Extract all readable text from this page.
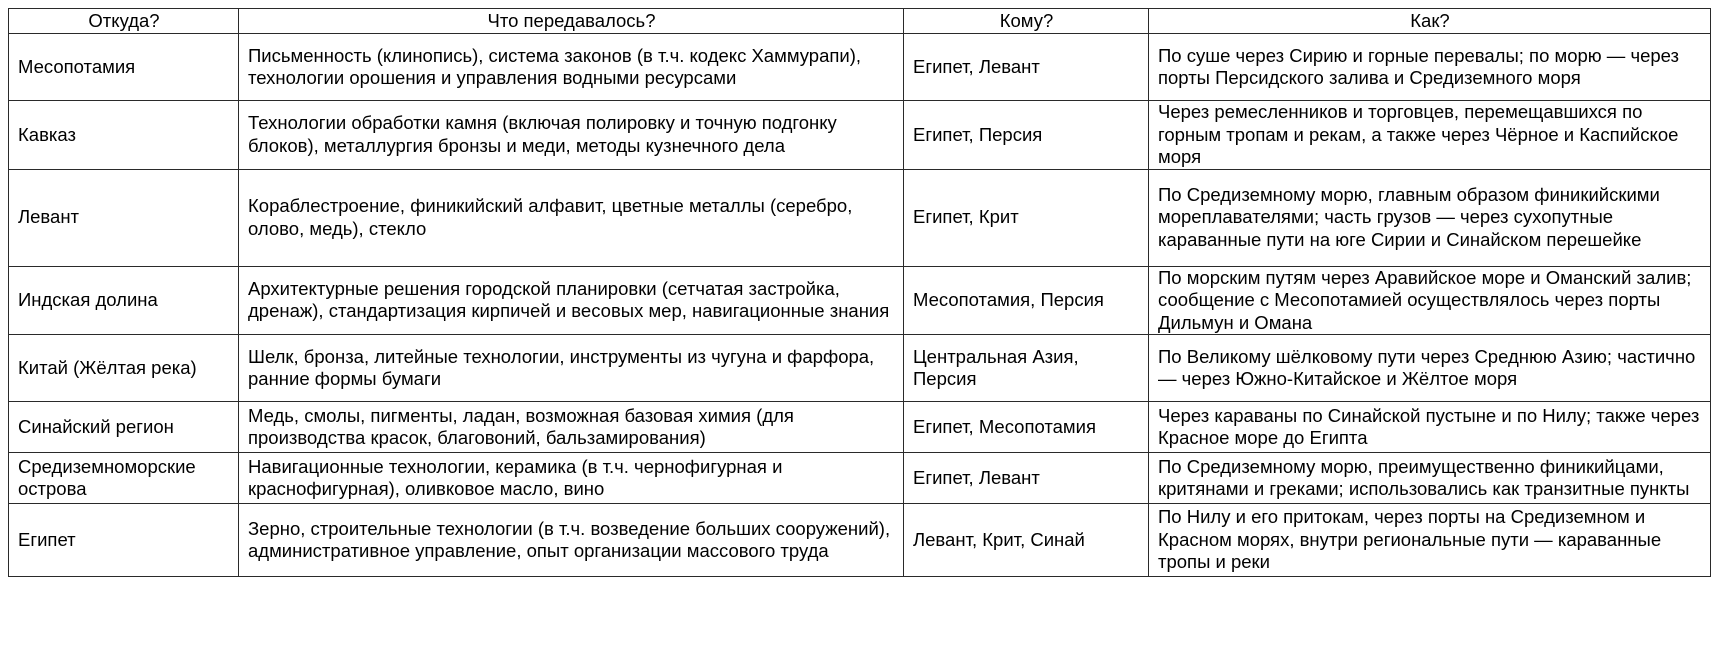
Откуда?	Что передавалось?	Кому?	Как?
Месопотамия	Письменность (клинопись), система законов (в т.ч. кодекс Хаммурапи), технологии орошения и управления водными ресурсами	Египет, Левант	По суше через Сирию и горные перевалы; по морю — через порты Персидского залива и Средиземного моря
Кавказ	Технологии обработки камня (включая полировку и точную подгонку блоков), металлургия бронзы и меди, методы кузнечного дела	Египет, Персия	Через ремесленников и торговцев, перемещавшихся по горным тропам и рекам, а также через Чёрное и Каспийское моря
Левант	Кораблестроение, финикийский алфавит, цветные металлы (серебро, олово, медь), стекло	Египет, Крит	По Средиземному морю, главным образом финикийскими мореплавателями; часть грузов — через сухопутные караванные пути на юге Сирии и Синайском перешейке
Индская долина	Архитектурные решения городской планировки (сетчатая застройка, дренаж), стандартизация кирпичей и весовых мер, навигационные знания	Месопотамия, Персия	По морским путям через Аравийское море и Оманский залив; сообщение с Месопотамией осуществлялось через порты Дильмун и Омана
Китай (Жёлтая река)	Шелк, бронза, литейные технологии, инструменты из чугуна и фарфора, ранние формы бумаги	Центральная Азия, Персия	По Великому шёлковому пути через Среднюю Азию; частично — через Южно-Китайское и Жёлтое моря
Синайский регион	Медь, смолы, пигменты, ладан, возможная базовая химия (для производства красок, благовоний, бальзамирования)	Египет, Месопотамия	Через караваны по Синайской пустыне и по Нилу; также через Красное море до Египта
Средиземноморские острова	Навигационные технологии, керамика (в т.ч. чернофигурная и краснофигурная), оливковое масло, вино	Египет, Левант	По Средиземному морю, преимущественно финикийцами, критянами и греками; использовались как транзитные пункты
Египет	Зерно, строительные технологии (в т.ч. возведение больших сооружений), административное управление, опыт организации массового труда	Левант, Крит, Синай	По Нилу и его притокам, через порты на Средиземном и Красном морях, внутри региональные пути — караванные тропы и реки
